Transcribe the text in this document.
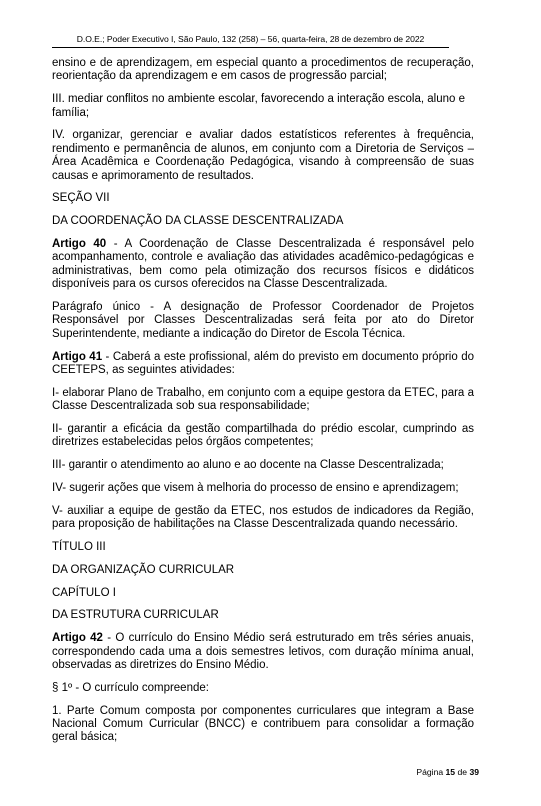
D.O.E.; Poder Executivo I, São Paulo, 132 (258) – 56, quarta-feira, 28 de dezembro de 2022

ensino e de aprendizagem, em especial quanto a procedimentos de recuperação, reorientação da aprendizagem e em casos de progressão parcial;

III. mediar conflitos no ambiente escolar, favorecendo a interação escola, aluno e família;

IV. organizar, gerenciar e avaliar dados estatísticos referentes à frequência, rendimento e permanência de alunos, em conjunto com a Diretoria de Serviços – Área Acadêmica e Coordenação Pedagógica, visando à compreensão de suas causas e aprimoramento de resultados.

SEÇÃO VII

DA COORDENAÇÃO DA CLASSE DESCENTRALIZADA

Artigo 40 - A Coordenação de Classe Descentralizada é responsável pelo acompanhamento, controle e avaliação das atividades acadêmico-pedagógicas e administrativas, bem como pela otimização dos recursos físicos e didáticos disponíveis para os cursos oferecidos na Classe Descentralizada.

Parágrafo único - A designação de Professor Coordenador de Projetos Responsável por Classes Descentralizadas será feita por ato do Diretor Superintendente, mediante a indicação do Diretor de Escola Técnica.

Artigo 41 - Caberá a este profissional, além do previsto em documento próprio do CEETEPS, as seguintes atividades:

I- elaborar Plano de Trabalho, em conjunto com a equipe gestora da ETEC, para a Classe Descentralizada sob sua responsabilidade;

II- garantir a eficácia da gestão compartilhada do prédio escolar, cumprindo as diretrizes estabelecidas pelos órgãos competentes;

III- garantir o atendimento ao aluno e ao docente na Classe Descentralizada;

IV- sugerir ações que visem à melhoria do processo de ensino e aprendizagem;

V- auxiliar a equipe de gestão da ETEC, nos estudos de indicadores da Região, para proposição de habilitações na Classe Descentralizada quando necessário.

TÍTULO III

DA ORGANIZAÇÃO CURRICULAR

CAPÍTULO I

DA ESTRUTURA CURRICULAR

Artigo 42 - O currículo do Ensino Médio será estruturado em três séries anuais, correspondendo cada uma a dois semestres letivos, com duração mínima anual, observadas as diretrizes do Ensino Médio.

§ 1º - O currículo compreende:

1. Parte Comum composta por componentes curriculares que integram a Base Nacional Comum Curricular (BNCC) e contribuem para consolidar a formação geral básica;

Página 15 de 39
